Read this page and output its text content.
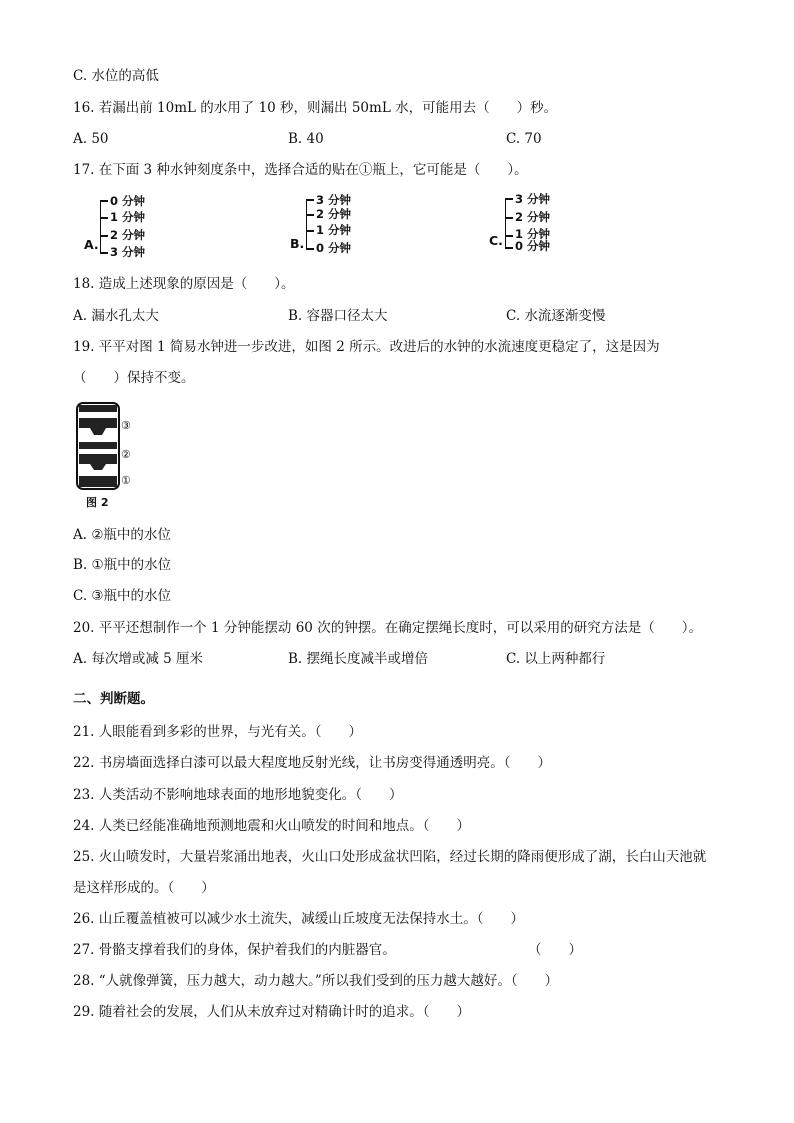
C. 水位的高低
16. 若漏出前 10mL 的水用了 10 秒，则漏出 50mL 水，可能用去（　　）秒。
A. 50	B. 40	C. 70
17. 在下面 3 种水钟刻度条中，选择合适的贴在①瓶上，它可能是（　　）。
A.
0 分钟
1 分钟
2 分钟
3 分钟
B.
3 分钟
2 分钟
1 分钟
0 分钟	C.
3 分钟
2 分钟
1 分钟
0 分钟
18. 造成上述现象的原因是（　　）。
A. 漏水孔太大	B. 容器口径太大	C. 水流逐渐变慢
19. 平平对图 1 简易水钟进一步改进，如图 2 所示。改进后的水钟的水流速度更稳定了，这是因为
（　　）保持不变。
③
②
①
图 2
A. ②瓶中的水位
B. ①瓶中的水位
C. ③瓶中的水位
20. 平平还想制作一个 1 分钟能摆动 60 次的钟摆。在确定摆绳长度时，可以采用的研究方法是（　　）。
A. 每次增或减 5 厘米	B. 摆绳长度减半或增倍	C. 以上两种都行
二、判断题。
21. 人眼能看到多彩的世界，与光有关。（　　）
22. 书房墙面选择白漆可以最大程度地反射光线，让书房变得通透明亮。（　　）
23. 人类活动不影响地球表面的地形地貌变化。（　　）
24. 人类已经能准确地预测地震和火山喷发的时间和地点。（　　）
25. 火山喷发时，大量岩浆涌出地表，火山口处形成盆状凹陷，经过长期的降雨便形成了湖，长白山天池就
是这样形成的。（　　）
26. 山丘覆盖植被可以减少水土流失，减缓山丘坡度无法保持水土。（　　）
27. 骨骼支撑着我们的身体，保护着我们的内脏器官。	（　　）
28. “人就像弹簧，压力越大，动力越大。”所以我们受到的压力越大越好。（　　）
29. 随着社会的发展，人们从未放弃过对精确计时的追求。（　　）
